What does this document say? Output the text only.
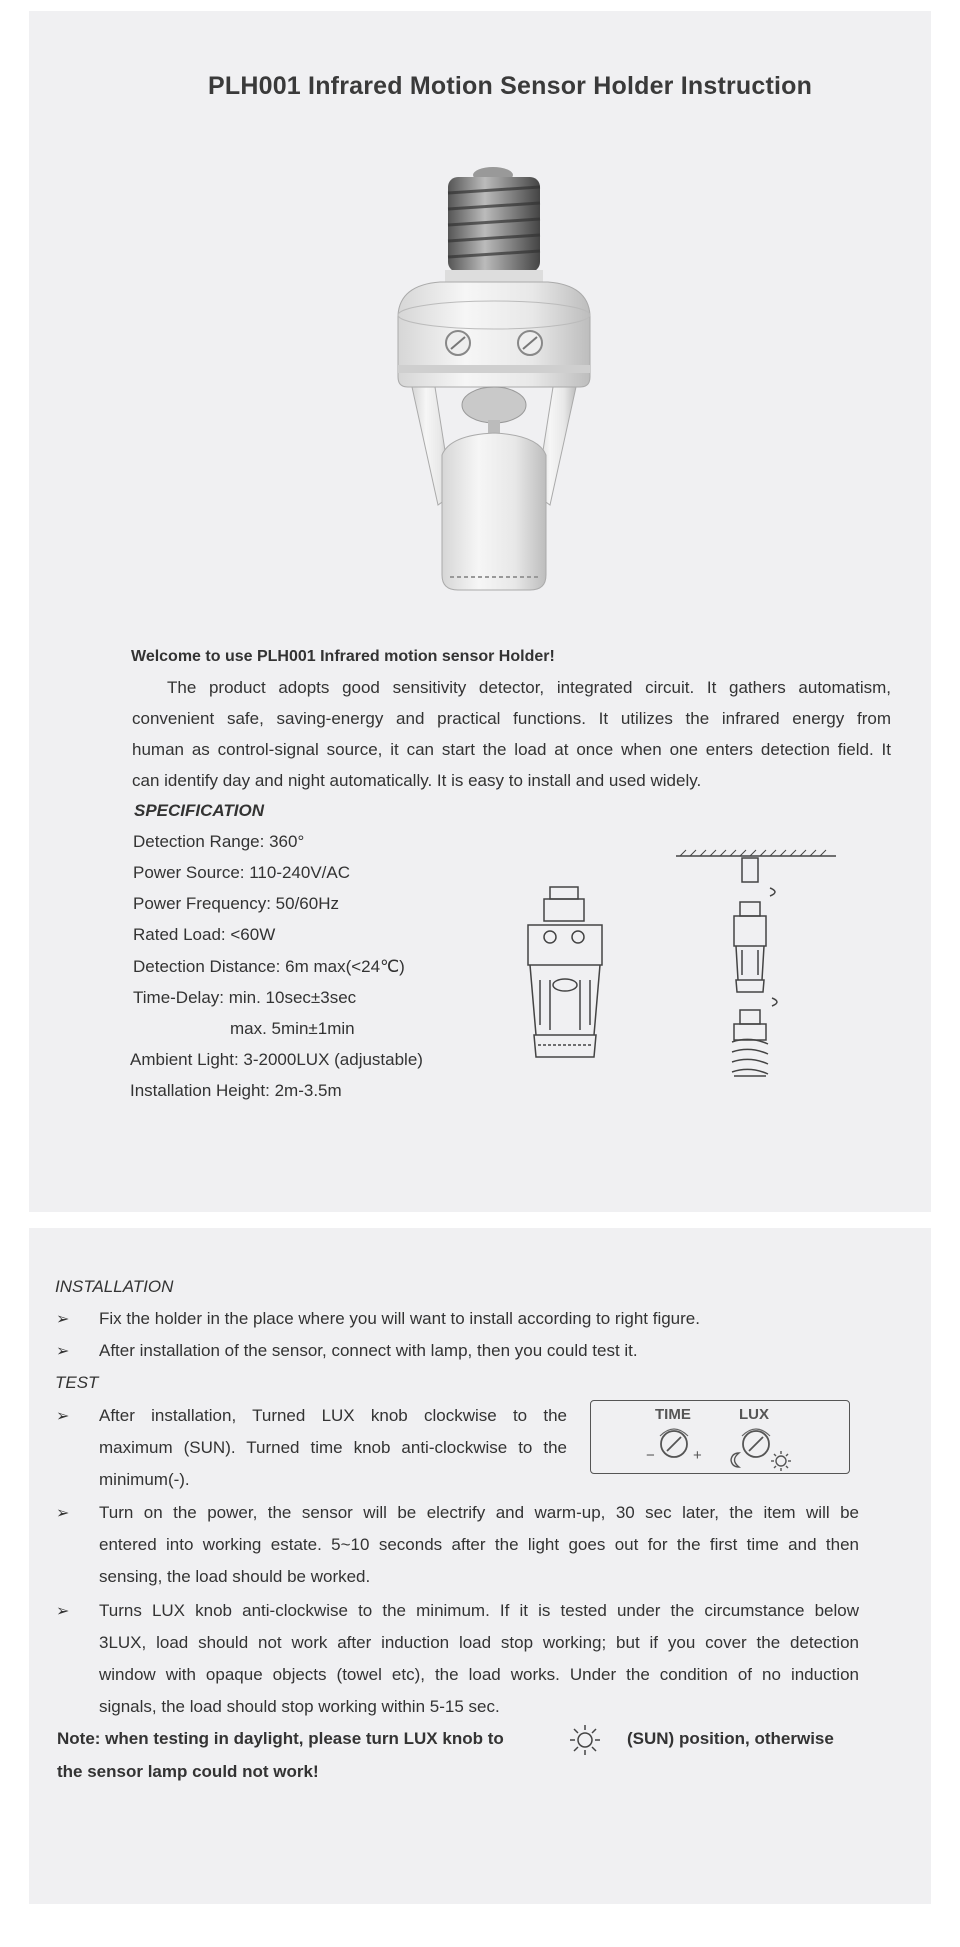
PLH001 Infrared Motion Sensor Holder Instruction
Welcome to use PLH001 Infrared motion sensor Holder!
The product adopts good sensitivity detector, integrated circuit. It gathers automatism,
convenient safe, saving-energy and practical functions. It utilizes the infrared energy from
human as control-signal source, it can start the load at once when one enters detection field. It
can identify day and night automatically. It is easy to install and used widely.
SPECIFICATION
Detection Range: 360°
Power Source: 110-240V/AC
Power Frequency: 50/60Hz
Rated Load: <60W
Detection Distance: 6m max(<24℃)
Time-Delay: min. 10sec±3sec
max. 5min±1min
Ambient Light: 3-2000LUX (adjustable)
Installation Height: 2m-3.5m
INSTALLATION
➢ Fix the holder in the place where you will want to install according to right figure.
➢ After installation of the sensor, connect with lamp, then you could test it.
TEST
➢ After installation, Turned LUX knob clockwise to the
maximum (SUN). Turned time knob anti-clockwise to the
minimum(-).
TIME	LUX
−	+
➢ Turn on the power, the sensor will be electrify and warm-up, 30 sec later, the item will be
entered into working estate. 5~10 seconds after the light goes out for the first time and then
sensing, the load should be worked.
➢ Turns LUX knob anti-clockwise to the minimum. If it is tested under the circumstance below
3LUX, load should not work after induction load stop working; but if you cover the detection
window with opaque objects (towel etc), the load works. Under the condition of no induction
signals, the load should stop working within 5-15 sec.
Note: when testing in daylight, please turn LUX knob to	(SUN) position, otherwise
the sensor lamp could not work!
